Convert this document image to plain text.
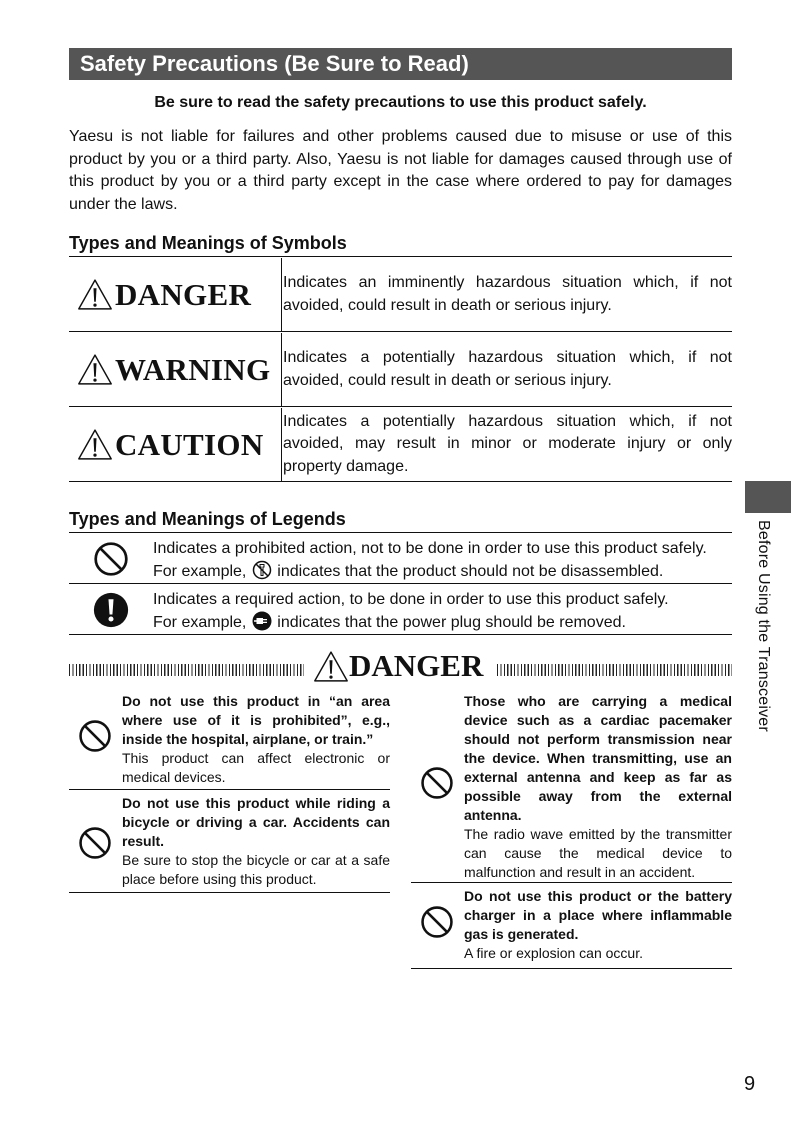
Safety Precautions (Be Sure to Read)
Be sure to read the safety precautions to use this product safely.
Yaesu is not liable for failures and other problems caused due to misuse or use of this product by you or a third party. Also, Yaesu is not liable for damages caused through use of this product by you or a third party except in the case where ordered to pay for damages under the laws.
Types and Meanings of Symbols
DANGER Indicates an imminently hazardous situation which, if not avoided, could result in death or serious injury.
WARNING Indicates a potentially hazardous situation which, if not avoided, could result in death or serious injury.
CAUTION
Indicates a potentially hazardous situation which, if not avoided, may result in minor or moderate injury or only property damage.
Types and Meanings of Legends
Indicates a prohibited action, not to be done in order to use this product safely.
For example, indicates that the product should not be disassembled.
Indicates a required action, to be done in order to use this product safely.
For example, indicates that the power plug should be removed.
DANGER
Do not use this product in “an area where use of it is prohibited”, e.g., inside the hospital, airplane, or train.”
This product can affect electronic or medical devices.
Do not use this product while riding a bicycle or driving a car. Accidents can result.
Be sure to stop the bicycle or car at a safe place before using this product.
Those who are carrying a medical device such as a cardiac pacemaker should not perform transmission near the device. When transmitting, use an external antenna and keep as far as possible away from the external antenna.
The radio wave emitted by the transmitter can cause the medical device to malfunction and result in an accident.
Do not use this product or the battery charger in a place where inflammable gas is generated.
A fire or explosion can occur.
Before Using the Transceiver
9
